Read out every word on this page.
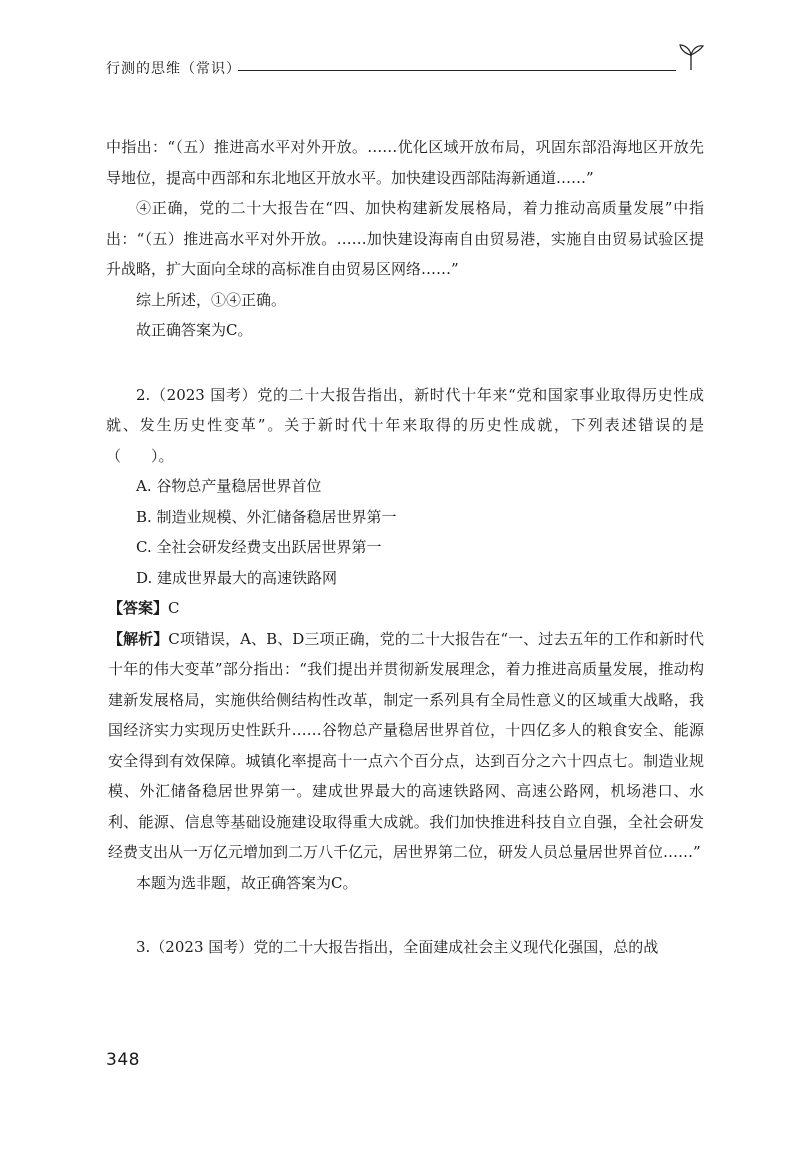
行测的思维（常识）

中指出：“（五）推进高水平对外开放。……优化区域开放布局，巩固东部沿海地区开放先导地位，提高中西部和东北地区开放水平。加快建设西部陆海新通道……”

④正确，党的二十大报告在“四、加快构建新发展格局，着力推动高质量发展”中指出：“（五）推进高水平对外开放。……加快建设海南自由贸易港，实施自由贸易试验区提升战略，扩大面向全球的高标准自由贸易区网络……”

综上所述，①④正确。

故正确答案为C。

2.（2023 国考）党的二十大报告指出，新时代十年来“党和国家事业取得历史性成就、发生历史性变革”。关于新时代十年来取得的历史性成就，下列表述错误的是（　　）。

A. 谷物总产量稳居世界首位

B. 制造业规模、外汇储备稳居世界第一

C. 全社会研发经费支出跃居世界第一

D. 建成世界最大的高速铁路网

【答案】C

【解析】C项错误，A、B、D三项正确，党的二十大报告在“一、过去五年的工作和新时代十年的伟大变革”部分指出：“我们提出并贯彻新发展理念，着力推进高质量发展，推动构建新发展格局，实施供给侧结构性改革，制定一系列具有全局性意义的区域重大战略，我国经济实力实现历史性跃升……谷物总产量稳居世界首位，十四亿多人的粮食安全、能源安全得到有效保障。城镇化率提高十一点六个百分点，达到百分之六十四点七。制造业规模、外汇储备稳居世界第一。建成世界最大的高速铁路网、高速公路网，机场港口、水利、能源、信息等基础设施建设取得重大成就。我们加快推进科技自立自强，全社会研发经费支出从一万亿元增加到二万八千亿元，居世界第二位，研发人员总量居世界首位……”

本题为选非题，故正确答案为C。

3.（2023 国考）党的二十大报告指出，全面建成社会主义现代化强国，总的战

348
